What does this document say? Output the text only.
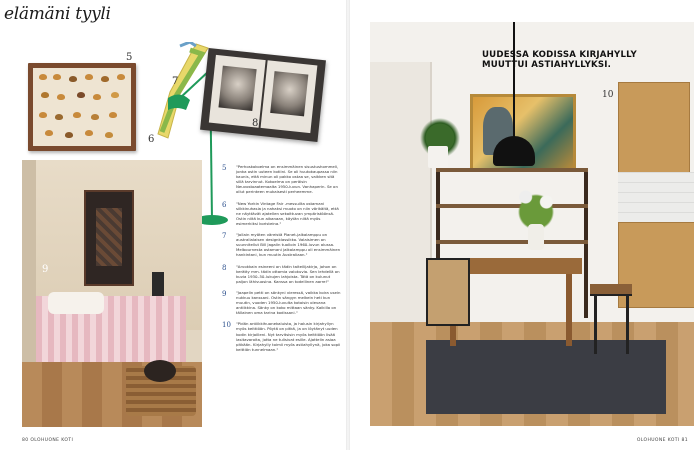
elämäni tyyli
5
6
7
8
9
5 "Perhoskokoelma on ensimmäinen sisustushommeli, jonka ostin uuteen kotiini. Se oli huutokaupassa niin kaunis, että minun oli pakko ostaa se, vaikken sitä sillä tarvinnut. Kokoelma on peräisin Neuvostoaatemaalta 1950-luvun. Vanhaperin. Se on ollut perinteen mukaisesti perheemme.
6 "New Yorkin Vintage Fair -messuilta ostamani silkkinuhasia ja nahaksi muoto on niin värikäitä, että ne näyttävät ajatellen sekoittuvan ympäristöönsä. Ostin niitä kun aikanaan, käytän niitä myös esimerkiksi koristeina."
7 "Jollain myöten väreistä Planet-jalkalamppu on australialaisen designklassikko. Valaisimen on suunnitellut Bill Jagalin tuolloin 1960-luvun alussa. Melbournesta ostamani jalkalamppu oli ensimmäinen hankintani, kun muutin Australiaan."
8 "Arvokkain esineeni on tädin taiteilijakirja, johon on kerätty mm. tädin ottamia valokuvia. Sen lehdellä on kuvia 1930–50-lukujen lahjoista. Tätä on kulunut paljon lähivuosina. Kanssa on todellinen aarre!"
9 "Jaapelin petti on sänkyni vieressä, vaikka koira usein nukkuu kanssani. Ostin sängyn melkein heti kun muutin, vuoden 1950-luvulta kotoisin olevana antiikkina. Sänky on koko mittaan sänky. Kaikilla on tällainen oma tarina kodissani."
10 "Pidän antiikkihuonekaluista, ja halusin kirjahyllyn myös keittiöön. Pöytä on pitkä, ja on löytänyt uuden kodin kirjoilleni. Nyt tarvitsisin myös keittiöön lisää lasitavaroita, jotta ne tulisivat esille. Ajattelin asiaa pitkään. Kirjahylly toimii myös astiahyllynä, joka sopii keittiön tunnelmaan."
80 OLOHUONE KOTI
UUDESSA KODISSA KIRJAHYLLY MUUTTUI ASTIAHYLLYKSI.
10
OLOHUONE KOTI 81
